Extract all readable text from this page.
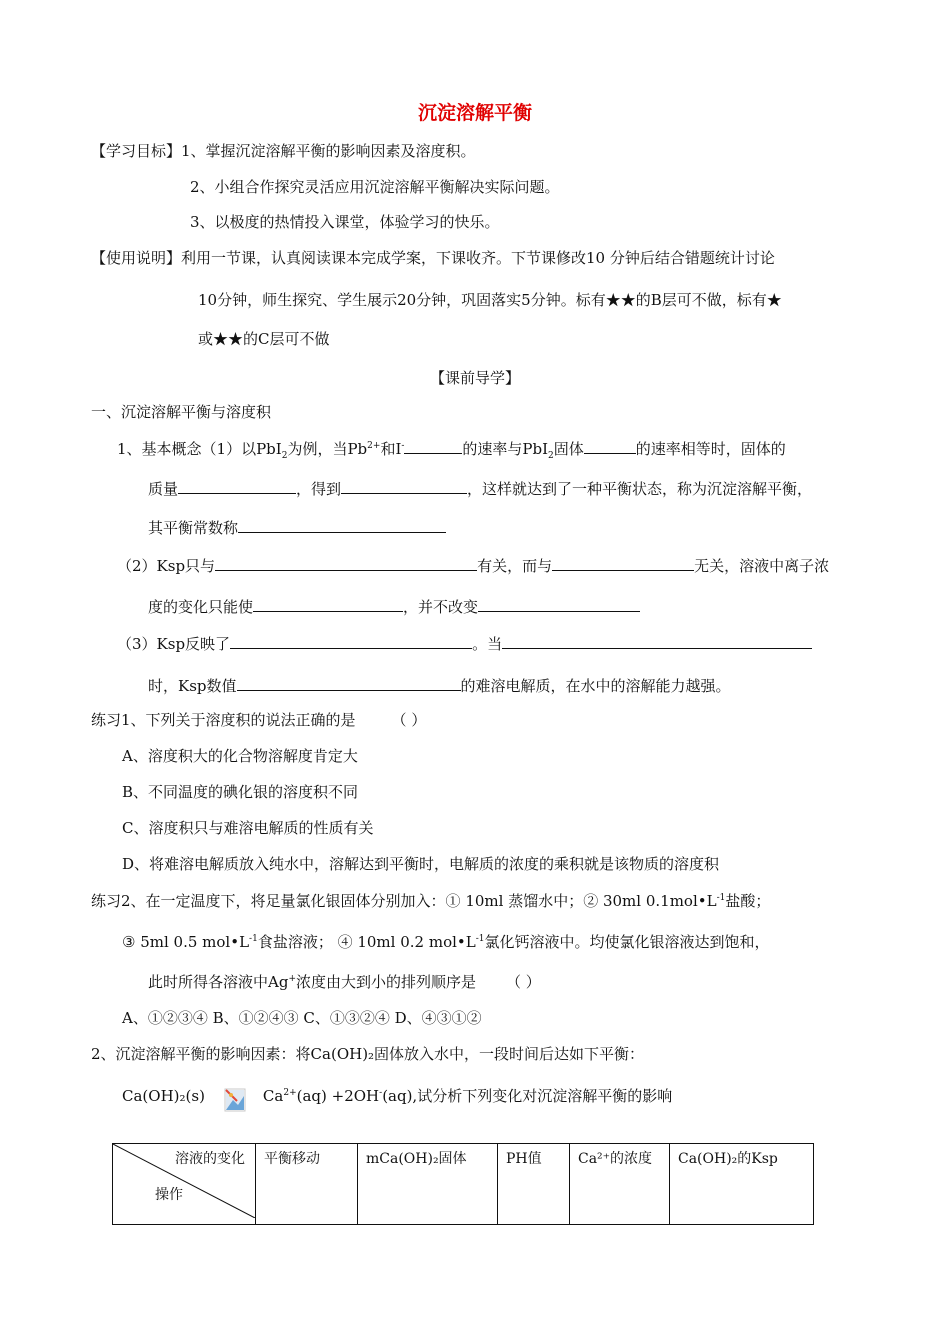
沉淀溶解平衡
【学习目标】1、掌握沉淀溶解平衡的影响因素及溶度积。
2、小组合作探究灵活应用沉淀溶解平衡解决实际问题。
3、以极度的热情投入课堂，体验学习的快乐。
【使用说明】利用一节课，认真阅读课本完成学案，下课收齐。下节课修改10 分钟后结合错题统计讨论
10分钟，师生探究、学生展示20分钟，巩固落实5分钟。标有★★的B层可不做，标有★
或★★的C层可不做
【课前导学】
一、沉淀溶解平衡与溶度积
1、基本概念（1）以PbI$_2$为例，当$Pb^{2+}$和I-	的速率与PbI$_2$固体	的速率相等时，固体的
质量	，得到	，这样就达到了一种平衡状态，称为沉淀溶解平衡，
其平衡常数称
（2）Ksp只与	有关，而与	无关，溶液中离子浓
度的变化只能使	，并不改变
（3）Ksp反映了	。当
时，Ksp数值	的难溶电解质，在水中的溶解能力越强。
练习1、下列关于溶度积的说法正确的是 （ ）
A、溶度积大的化合物溶解度肯定大
B、不同温度的碘化银的溶度积不同
C、溶度积只与难溶电解质的性质有关
D、将难溶电解质放入纯水中，溶解达到平衡时，电解质的浓度的乘积就是该物质的溶度积
练习2、在一定温度下，将足量氯化银固体分别加入：① 10ml 蒸馏水中；② 30ml $0.1mol•L^{-1}$盐酸；
③ 5ml 0.5 $mol•L^{-1}$食盐溶液； ④ 10ml 0.2 $mol•L^{-1}$氯化钙溶液中。均使氯化银溶液达到饱和，
此时所得各溶液中Ag+浓度由大到小的排列顺序是 （ ）
A、①②③④ B、①②④③ C、①③②④ D、④③①②
2、沉淀溶解平衡的影响因素：将Ca(OH)₂固体放入水中，一段时间后达如下平衡：
Ca(OH)₂(s)	$Ca^{2+}(aq) +2OH^-(aq)$,试分析下列变化对沉淀溶解平衡的影响
溶液的变化
操作
	平衡移动	mCa(OH)₂固体	PH值	Ca²⁺的浓度	Ca(OH)₂的Ksp
